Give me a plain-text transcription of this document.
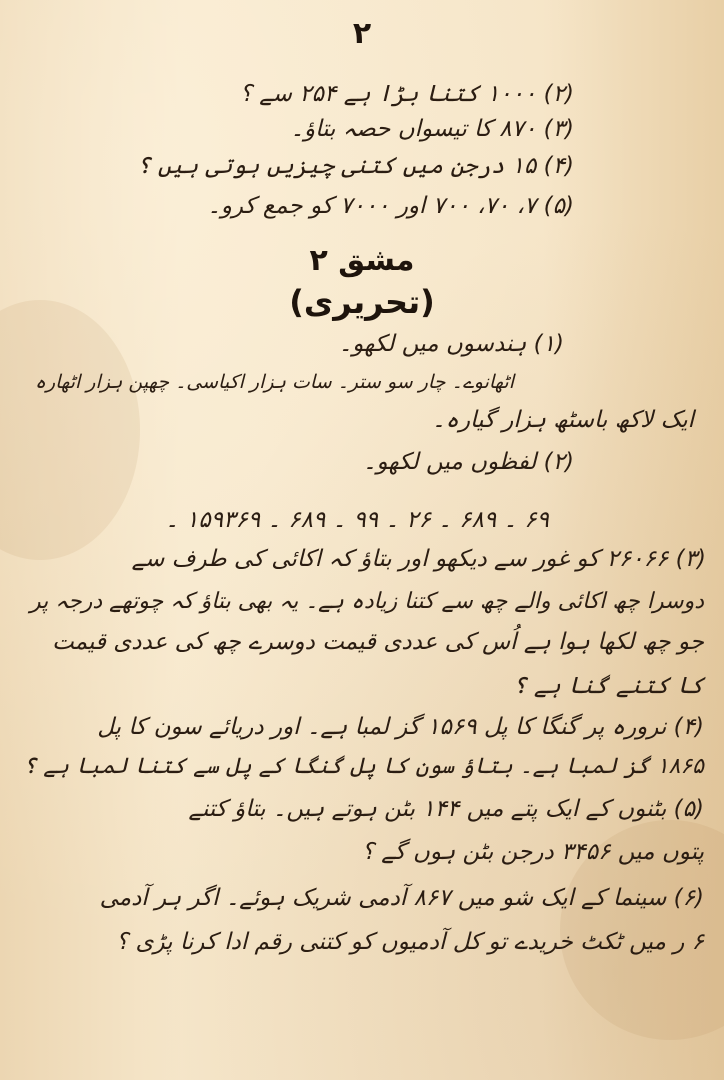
۲
(۲) ۱۰۰۰ کتنا بڑا ہے ۲۵۴ سے ؟
(۳) ۸۷۰ کا تیسواں حصہ بتاؤ۔
(۴) ۱۵ درجن میں کتنی چیزیں ہوتی ہیں ؟
(۵) ۷، ۷۰، ۷۰۰ اور ۷۰۰۰ کو جمع کرو۔
مشق ۲
(تحریری)
(۱) ہندسوں میں لکھو۔
اٹھانوے۔ چار سو ستر۔ سات ہزار اکیاسی۔ چھپن ہزار اٹھارہ
ایک لاکھ باسٹھ ہزار گیارہ۔
(۲) لفظوں میں لکھو۔
۶۹ ۔ ۶۸۹ ۔ ۲۶ ۔ ۹۹ ۔ ۶۸۹ ۔ ۱۵۹۳۶۹ ۔
(۳) ۲۶۰۶۶ کو غور سے دیکھو اور بتاؤ کہ اکائی کی طرف سے
دوسرا چھ اکائی والے چھ سے کتنا زیادہ ہے۔ یہ بھی بتاؤ کہ چوتھے درجہ پر
جو چھ لکھا ہوا ہے اُس کی عددی قیمت دوسرے چھ کی عددی قیمت
کا کتنے گنا ہے ؟
(۴) نرورہ پر گنگا کا پل ۱۵۶۹ گز لمبا ہے۔ اور دریائے سون کا پل
۱۸۶۵ گز لمبا ہے۔ بتاؤ سون کا پل گنگا کے پل سے کتنا لمبا ہے ؟
(۵) بٹنوں کے ایک پتے میں ۱۴۴ بٹن ہوتے ہیں۔ بتاؤ کتنے
پتوں میں ۳۴۵۶ درجن بٹن ہوں گے ؟
(۶) سینما کے ایک شو میں ۸۶۷ آدمی شریک ہوئے۔ اگر ہر آدمی
۶ ر میں ٹکٹ خریدے تو کل آدمیوں کو کتنی رقم ادا کرنا پڑی ؟
